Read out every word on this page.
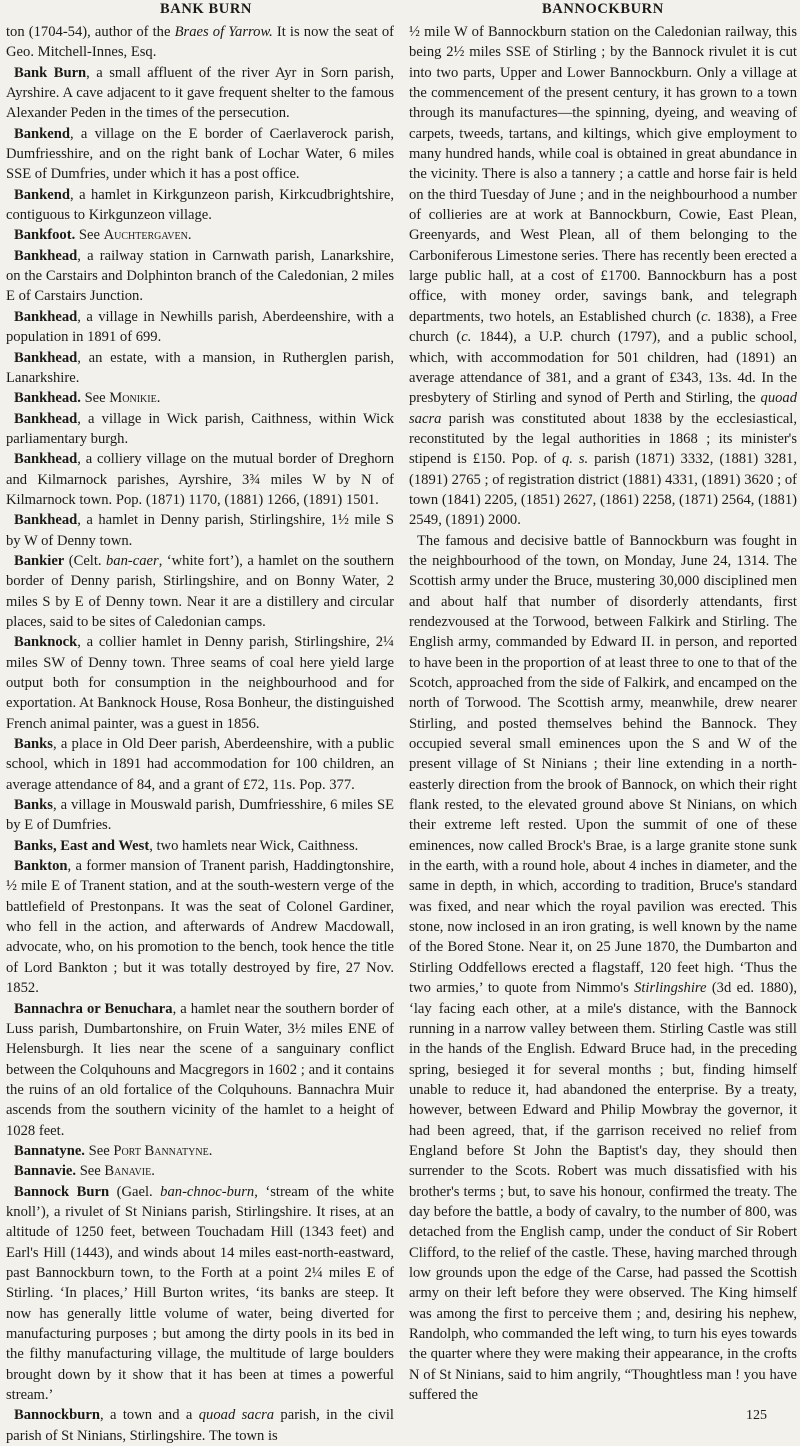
BANK BURN	BANNOCKBURN

ton (1704-54), author of the Braes of Yarrow. It is now the seat of Geo. Mitchell-Innes, Esq.

Bank Burn, a small affluent of the river Ayr in Sorn parish, Ayrshire. A cave adjacent to it gave frequent shelter to the famous Alexander Peden in the times of the persecution.

Bankend, a village on the E border of Caerlaverock parish, Dumfriesshire, and on the right bank of Lochar Water, 6 miles SSE of Dumfries, under which it has a post office.

Bankend, a hamlet in Kirkgunzeon parish, Kirkcudbrightshire, contiguous to Kirkgunzeon village.

Bankfoot. See Auchtergaven.

Bankhead, a railway station in Carnwath parish, Lanarkshire, on the Carstairs and Dolphinton branch of the Caledonian, 2 miles E of Carstairs Junction.

Bankhead, a village in Newhills parish, Aberdeenshire, with a population in 1891 of 699.

Bankhead, an estate, with a mansion, in Rutherglen parish, Lanarkshire.

Bankhead. See Monikie.

Bankhead, a village in Wick parish, Caithness, within Wick parliamentary burgh.

Bankhead, a colliery village on the mutual border of Dreghorn and Kilmarnock parishes, Ayrshire, 3¾ miles W by N of Kilmarnock town. Pop. (1871) 1170, (1881) 1266, (1891) 1501.

Bankhead, a hamlet in Denny parish, Stirlingshire, 1½ mile S by W of Denny town.

Bankier (Celt. ban-caer, ‘white fort’), a hamlet on the southern border of Denny parish, Stirlingshire, and on Bonny Water, 2 miles S by E of Denny town. Near it are a distillery and circular places, said to be sites of Caledonian camps.

Banknock, a collier hamlet in Denny parish, Stirlingshire, 2¼ miles SW of Denny town. Three seams of coal here yield large output both for consumption in the neighbourhood and for exportation. At Banknock House, Rosa Bonheur, the distinguished French animal painter, was a guest in 1856.

Banks, a place in Old Deer parish, Aberdeenshire, with a public school, which in 1891 had accommodation for 100 children, an average attendance of 84, and a grant of £72, 11s. Pop. 377.

Banks, a village in Mouswald parish, Dumfriesshire, 6 miles SE by E of Dumfries.

Banks, East and West, two hamlets near Wick, Caithness.

Bankton, a former mansion of Tranent parish, Haddingtonshire, ½ mile E of Tranent station, and at the south-western verge of the battlefield of Prestonpans. It was the seat of Colonel Gardiner, who fell in the action, and afterwards of Andrew Macdowall, advocate, who, on his promotion to the bench, took hence the title of Lord Bankton ; but it was totally destroyed by fire, 27 Nov. 1852.

Bannachra or Benuchara, a hamlet near the southern border of Luss parish, Dumbartonshire, on Fruin Water, 3½ miles ENE of Helensburgh. It lies near the scene of a sanguinary conflict between the Colquhouns and Macgregors in 1602 ; and it contains the ruins of an old fortalice of the Colquhouns. Bannachra Muir ascends from the southern vicinity of the hamlet to a height of 1028 feet.

Bannatyne. See Port Bannatyne.

Bannavie. See Banavie.

Bannock Burn (Gael. ban-chnoc-burn, ‘stream of the white knoll’), a rivulet of St Ninians parish, Stirlingshire. It rises, at an altitude of 1250 feet, between Touchadam Hill (1343 feet) and Earl's Hill (1443), and winds about 14 miles east-north-eastward, past Bannockburn town, to the Forth at a point 2¼ miles E of Stirling. ‘In places,’ Hill Burton writes, ‘its banks are steep. It now has generally little volume of water, being diverted for manufacturing purposes ; but among the dirty pools in its bed in the filthy manufacturing village, the multitude of large boulders brought down by it show that it has been at times a powerful stream.’

Bannockburn, a town and a quoad sacra parish, in the civil parish of St Ninians, Stirlingshire. The town is

½ mile W of Bannockburn station on the Caledonian railway, this being 2½ miles SSE of Stirling ; by the Bannock rivulet it is cut into two parts, Upper and Lower Bannockburn. Only a village at the commencement of the present century, it has grown to a town through its manufactures—the spinning, dyeing, and weaving of carpets, tweeds, tartans, and kiltings, which give employment to many hundred hands, while coal is obtained in great abundance in the vicinity. There is also a tannery ; a cattle and horse fair is held on the third Tuesday of June ; and in the neighbourhood a number of collieries are at work at Bannockburn, Cowie, East Plean, Greenyards, and West Plean, all of them belonging to the Carboniferous Limestone series. There has recently been erected a large public hall, at a cost of £1700. Bannockburn has a post office, with money order, savings bank, and telegraph departments, two hotels, an Established church (c. 1838), a Free church (c. 1844), a U.P. church (1797), and a public school, which, with accommodation for 501 children, had (1891) an average attendance of 381, and a grant of £343, 13s. 4d. In the presbytery of Stirling and synod of Perth and Stirling, the quoad sacra parish was constituted about 1838 by the ecclesiastical, reconstituted by the legal authorities in 1868 ; its minister's stipend is £150. Pop. of q. s. parish (1871) 3332, (1881) 3281, (1891) 2765 ; of registration district (1881) 4331, (1891) 3620 ; of town (1841) 2205, (1851) 2627, (1861) 2258, (1871) 2564, (1881) 2549, (1891) 2000.

The famous and decisive battle of Bannockburn was fought in the neighbourhood of the town, on Monday, June 24, 1314. The Scottish army under the Bruce, mustering 30,000 disciplined men and about half that number of disorderly attendants, first rendezvoused at the Torwood, between Falkirk and Stirling. The English army, commanded by Edward II. in person, and reported to have been in the proportion of at least three to one to that of the Scotch, approached from the side of Falkirk, and encamped on the north of Torwood. The Scottish army, meanwhile, drew nearer Stirling, and posted themselves behind the Bannock. They occupied several small eminences upon the S and W of the present village of St Ninians ; their line extending in a north-easterly direction from the brook of Bannock, on which their right flank rested, to the elevated ground above St Ninians, on which their extreme left rested. Upon the summit of one of these eminences, now called Brock's Brae, is a large granite stone sunk in the earth, with a round hole, about 4 inches in diameter, and the same in depth, in which, according to tradition, Bruce's standard was fixed, and near which the royal pavilion was erected. This stone, now inclosed in an iron grating, is well known by the name of the Bored Stone. Near it, on 25 June 1870, the Dumbarton and Stirling Oddfellows erected a flagstaff, 120 feet high. ‘Thus the two armies,’ to quote from Nimmo's Stirlingshire (3d ed. 1880), ‘lay facing each other, at a mile's distance, with the Bannock running in a narrow valley between them. Stirling Castle was still in the hands of the English. Edward Bruce had, in the preceding spring, besieged it for several months ; but, finding himself unable to reduce it, had abandoned the enterprise. By a treaty, however, between Edward and Philip Mowbray the governor, it had been agreed, that, if the garrison received no relief from England before St John the Baptist's day, they should then surrender to the Scots. Robert was much dissatisfied with his brother's terms ; but, to save his honour, confirmed the treaty. The day before the battle, a body of cavalry, to the number of 800, was detached from the English camp, under the conduct of Sir Robert Clifford, to the relief of the castle. These, having marched through low grounds upon the edge of the Carse, had passed the Scottish army on their left before they were observed. The King himself was among the first to perceive them ; and, desiring his nephew, Randolph, who commanded the left wing, to turn his eyes towards the quarter where they were making their appearance, in the crofts N of St Ninians, said to him angrily, “Thoughtless man ! you have suffered the

125
